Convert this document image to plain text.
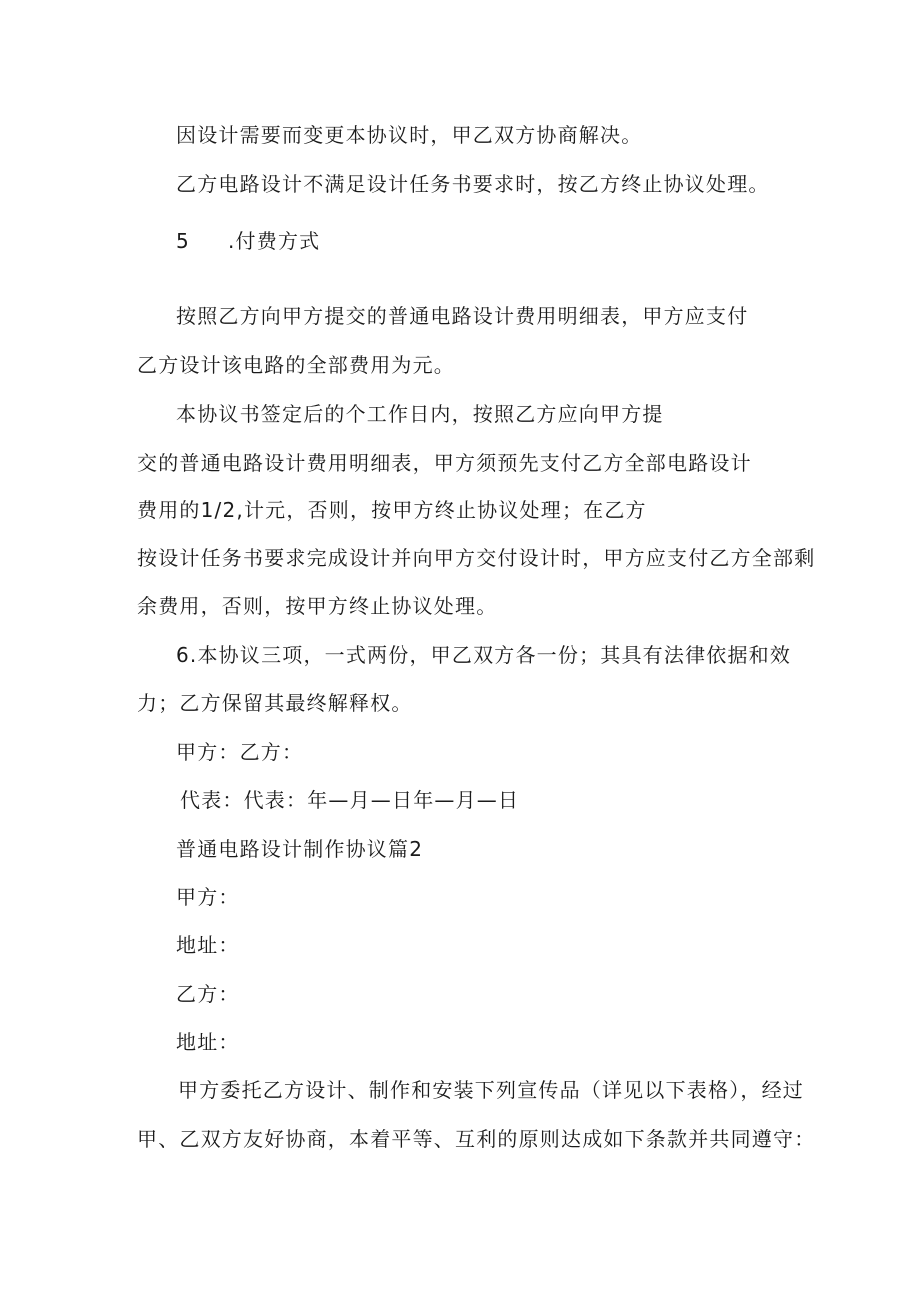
因设计需要而变更本协议时，甲乙双方协商解决。
乙方电路设计不满足设计任务书要求时，按乙方终止协议处理。
5 .付费方式
按照乙方向甲方提交的普通电路设计费用明细表，甲方应支付
乙方设计该电路的全部费用为元。
本协议书签定后的个工作日内，按照乙方应向甲方提
交的普通电路设计费用明细表，甲方须预先支付乙方全部电路设计
费用的1/2,计元，否则，按甲方终止协议处理；在乙方
按设计任务书要求完成设计并向甲方交付设计时，甲方应支付乙方全部剩
余费用，否则，按甲方终止协议处理。
6.本协议三项，一式两份，甲乙双方各一份；其具有法律依据和效
力；乙方保留其最终解释权。
甲方：乙方：
代表：代表：年—月—日年—月—日
普通电路设计制作协议篇2
甲方：
地址：
乙方：
地址：
甲方委托乙方设计、制作和安装下列宣传品（详见以下表格），经过
甲、乙双方友好协商，本着平等、互利的原则达成如下条款并共同遵守：
